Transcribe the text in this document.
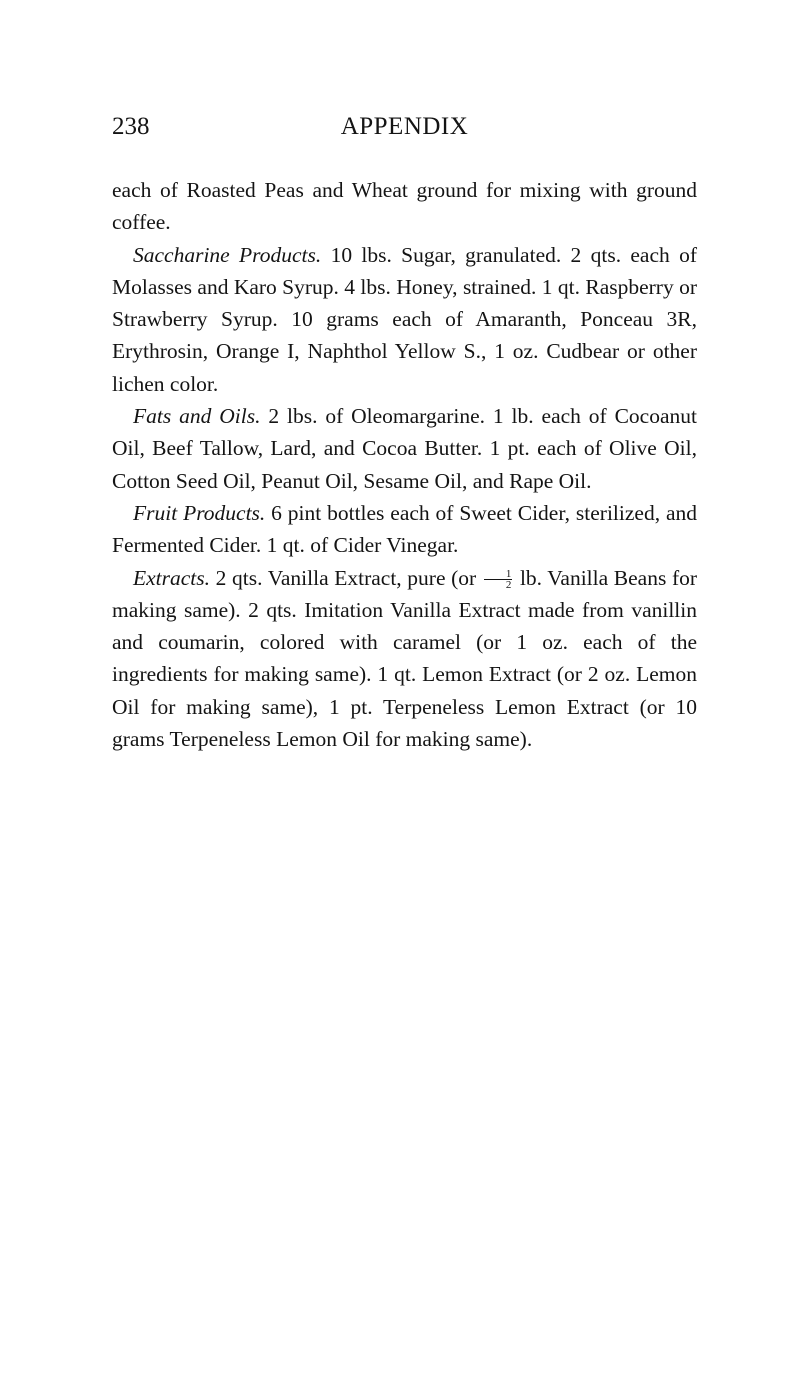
238	APPENDIX

each of Roasted Peas and Wheat ground for mixing with ground coffee.

Saccharine Products. 10 lbs. Sugar, granulated. 2 qts. each of Molasses and Karo Syrup. 4 lbs. Honey, strained. 1 qt. Raspberry or Strawberry Syrup. 10 grams each of Amaranth, Ponceau 3R, Erythrosin, Orange I, Naphthol Yellow S., 1 oz. Cudbear or other lichen color.

Fats and Oils. 2 lbs. of Oleomargarine. 1 lb. each of Cocoanut Oil, Beef Tallow, Lard, and Cocoa Butter. 1 pt. each of Olive Oil, Cotton Seed Oil, Peanut Oil, Sesame Oil, and Rape Oil.

Fruit Products. 6 pint bottles each of Sweet Cider, sterilized, and Fermented Cider. 1 qt. of Cider Vinegar.

Extracts. 2 qts. Vanilla Extract, pure ($or \frac{1}{2}$ lb. Vanilla Beans for making same). 2 qts. Imitation Vanilla Extract made from vanillin and coumarin, colored with caramel (or 1 oz. each of the ingredients for making same). 1 qt. Lemon Extract (or 2 oz. Lemon Oil for making same), 1 pt. Terpeneless Lemon Extract (or 10 grams Terpeneless Lemon Oil for making same).
